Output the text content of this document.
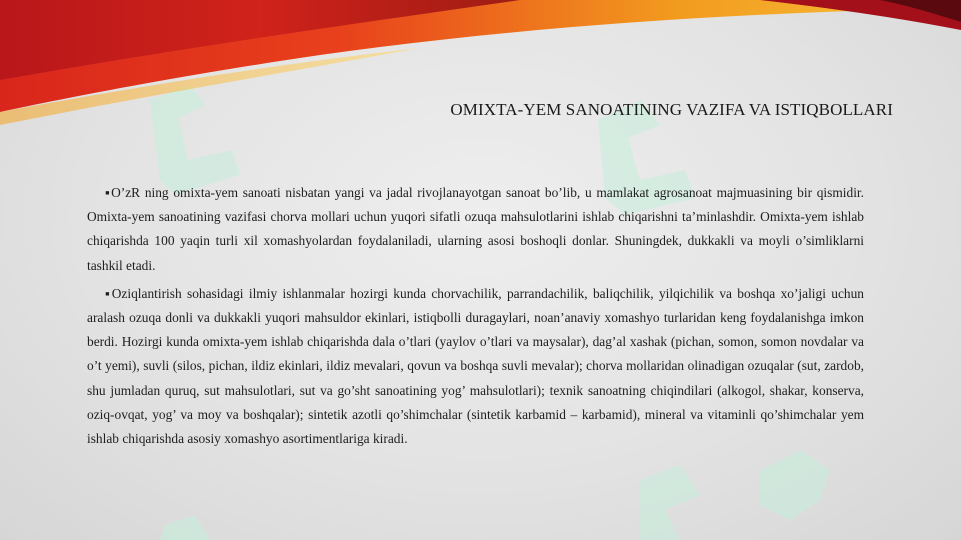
OMIXTA-YEM SANOATINING VAZIFA VA ISTIQBOLLARI

▪O’zR ning omixta-yem sanoati nisbatan yangi va jadal rivojlanayotgan sanoat bo’lib, u mamlakat agrosanoat majmuasining bir qismidir. Omixta-yem sanoatining vazifasi chorva mollari uchun yuqori sifatli ozuqa mahsulotlarini ishlab chiqarishni ta’minlashdir. Omixta-yem ishlab chiqarishda 100 yaqin turli xil xomashyolardan foydalaniladi, ularning asosi boshoqli donlar. Shuningdek, dukkakli va moyli o’simliklarni tashkil etadi.

▪Oziqlantirish sohasidagi ilmiy ishlanmalar hozirgi kunda chorvachilik, parrandachilik, baliqchilik, yilqichilik va boshqa xo’jaligi uchun aralash ozuqa donli va dukkakli yuqori mahsuldor ekinlari, istiqbolli duragaylari, noan’anaviy xomashyo turlaridan keng foydalanishga imkon berdi. Hozirgi kunda omixta-yem ishlab chiqarishda dala o’tlari (yaylov o’tlari va maysalar), dag’al xashak (pichan, somon, somon novdalar va o’t yemi), suvli (silos, pichan, ildiz ekinlari, ildiz mevalari, qovun va boshqa suvli mevalar); chorva mollaridan olinadigan ozuqalar (sut, zardob, shu jumladan quruq, sut mahsulotlari, sut va go’sht sanoatining yog’ mahsulotlari); texnik sanoatning chiqindilari (alkogol, shakar, konserva, oziq-ovqat, yog’ va moy va boshqalar); sintetik azotli qo’shimchalar (sintetik karbamid – karbamid), mineral va vitaminli qo’shimchalar yem ishlab chiqarishda asosiy xomashyo asortimentlariga kiradi.
